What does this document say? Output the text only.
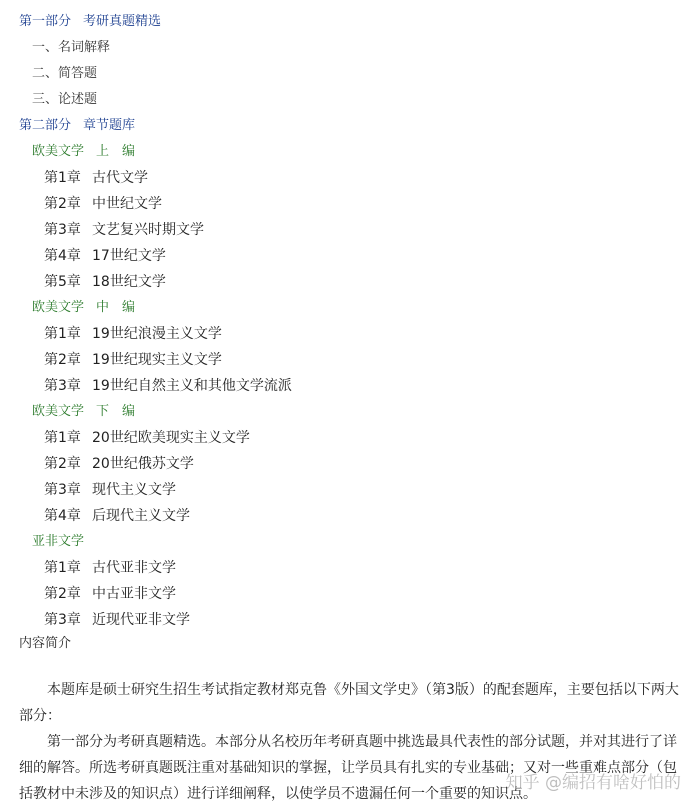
第一部分 考研真题精选
一、名词解释
二、简答题
三、论述题
第二部分 章节题库
欧美文学 上　编
第1章 古代文学
第2章 中世纪文学
第3章 文艺复兴时期文学
第4章 17世纪文学
第5章 18世纪文学
欧美文学 中　编
第1章 19世纪浪漫主义文学
第2章 19世纪现实主义文学
第3章 19世纪自然主义和其他文学流派
欧美文学 下　编
第1章 20世纪欧美现实主义文学
第2章 20世纪俄苏文学
第3章 现代主义文学
第4章 后现代主义文学
亚非文学
第1章 古代亚非文学
第2章 中古亚非文学
第3章 近现代亚非文学
内容简介

本题库是硕士研究生招生考试指定教材郑克鲁《外国文学史》（第3版）的配套题库，主要包括以下两大部分：

第一部分为考研真题精选。本部分从名校历年考研真题中挑选最具代表性的部分试题，并对其进行了详细的解答。所选考研真题既注重对基础知识的掌握，让学员具有扎实的专业基础；又对一些重难点部分（包括教材中未涉及的知识点）进行详细阐释，以使学员不遗漏任何一个重要的知识点。

知乎 @编招有啥好怕的
